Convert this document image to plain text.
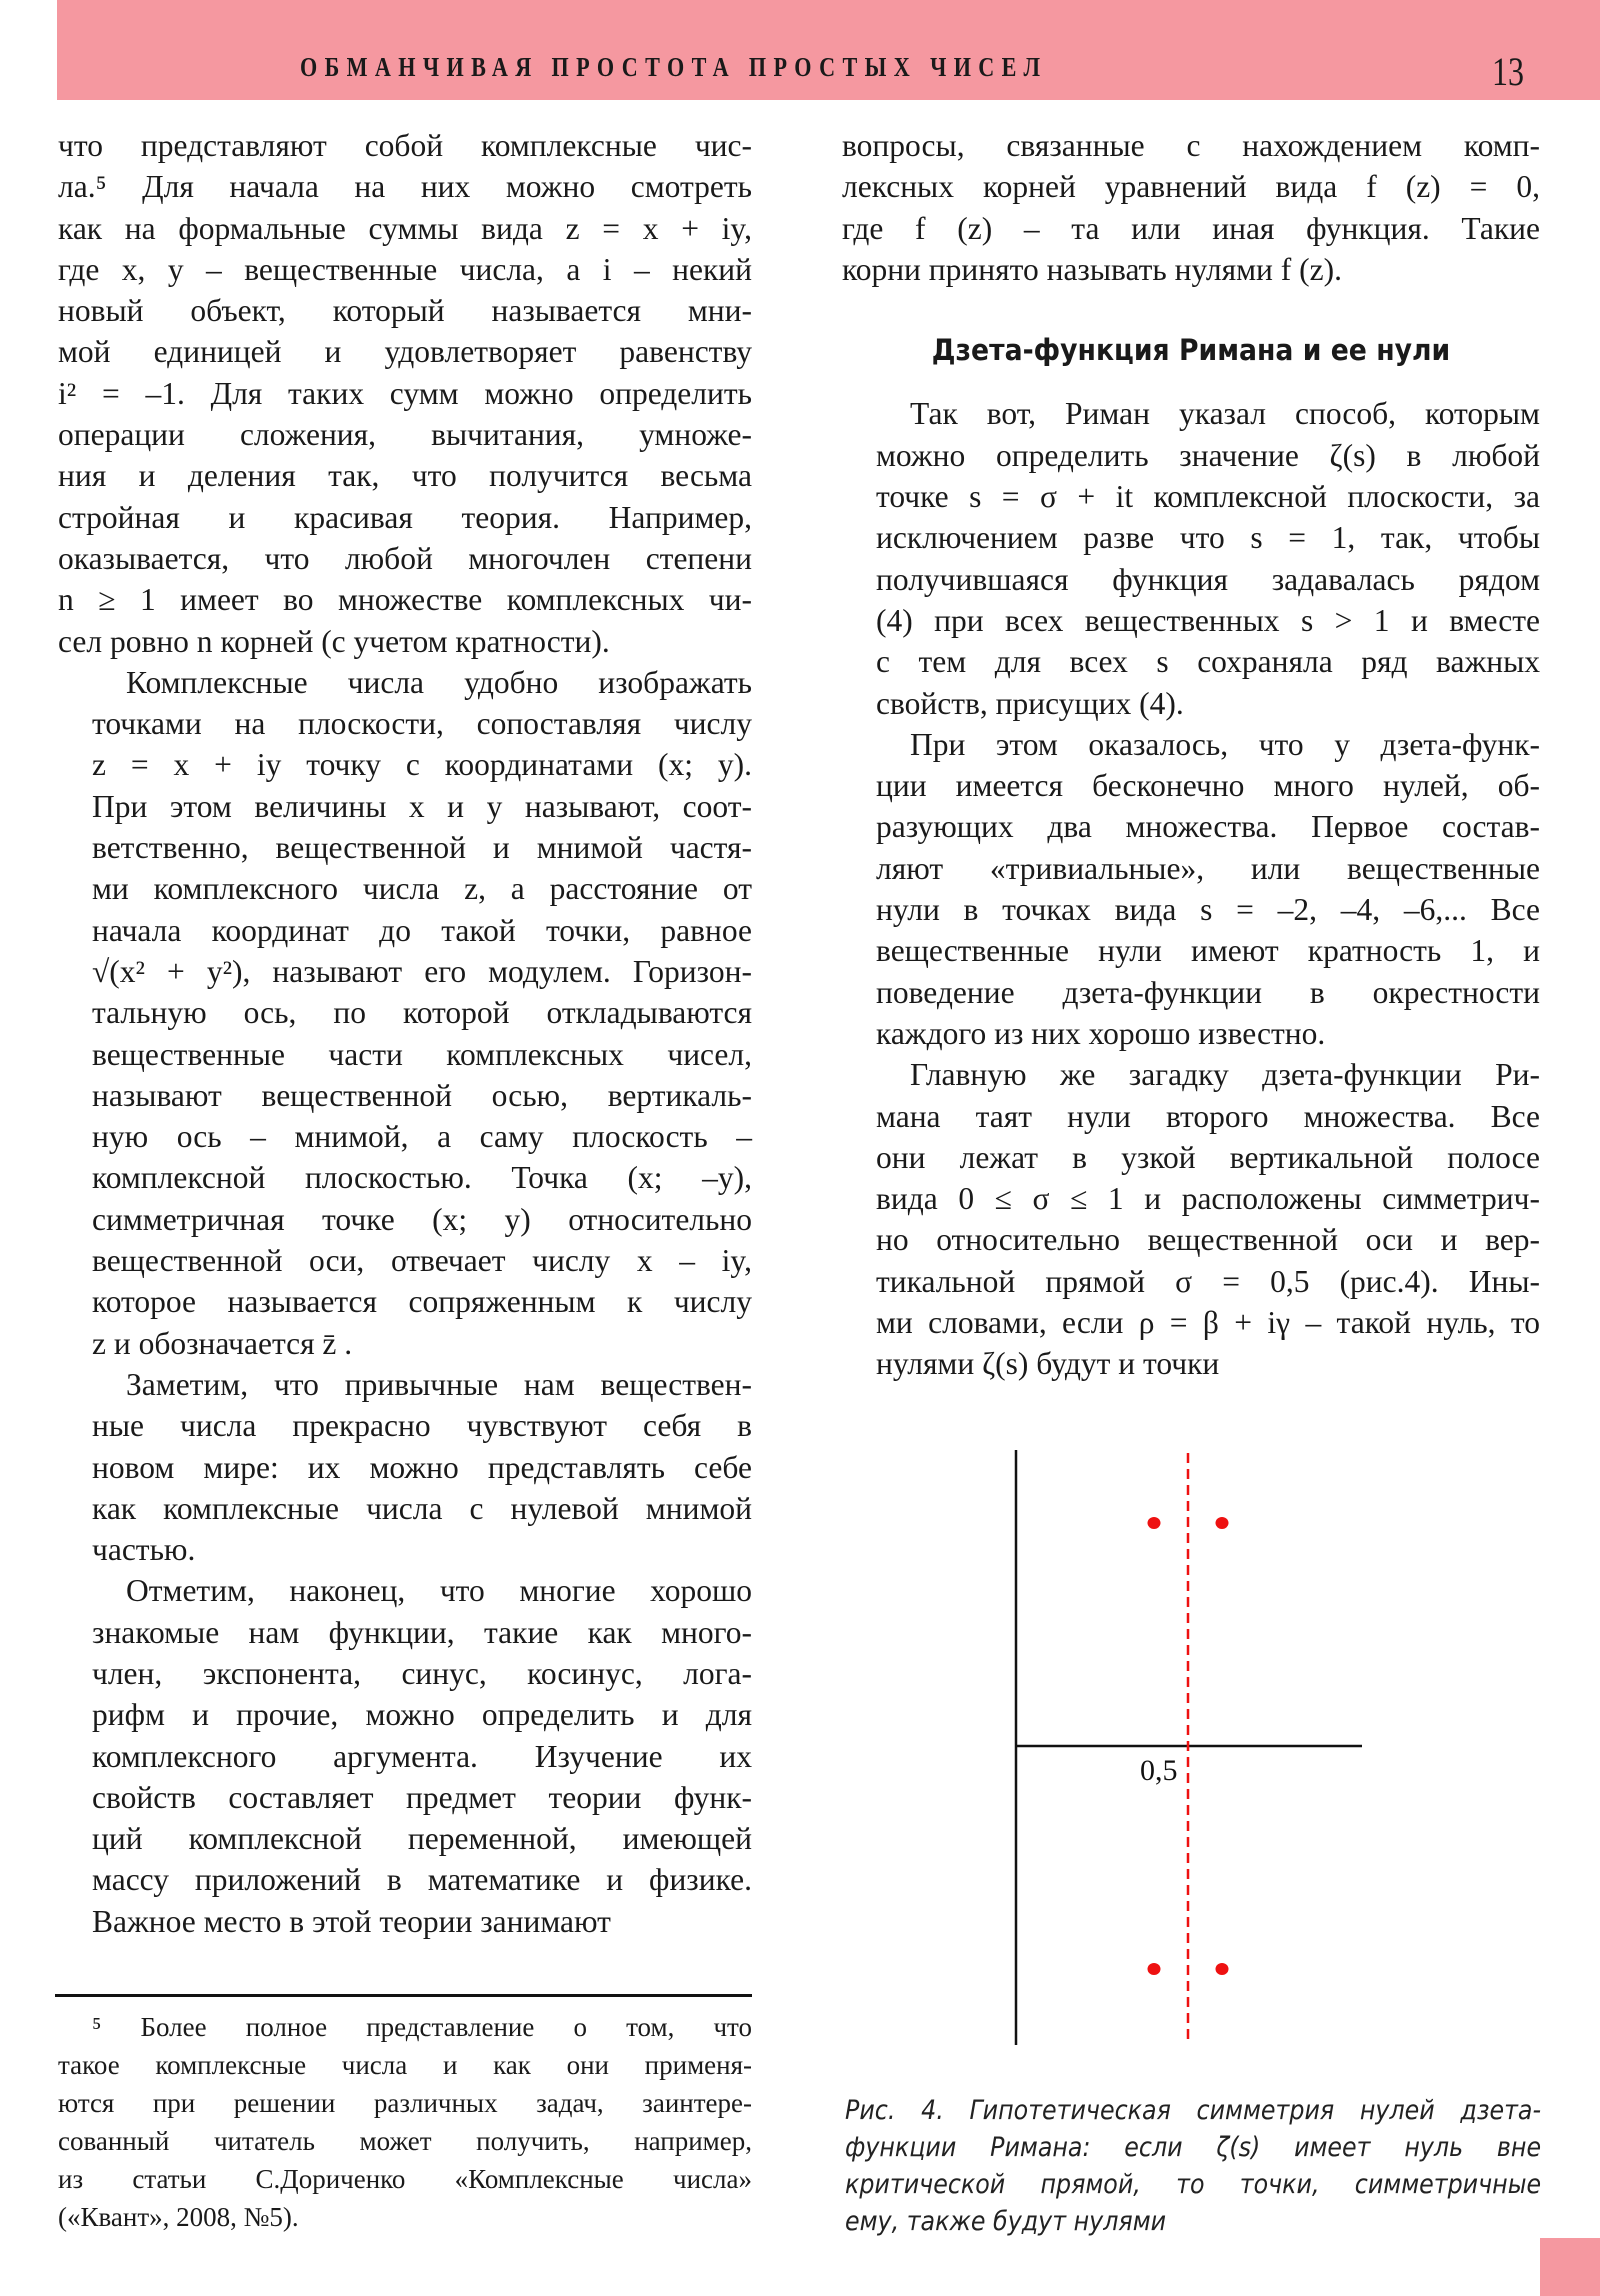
ОБМАНЧИВАЯ ПРОСТОТА ПРОСТЫХ ЧИСЕЛ	13

что представляют собой комплексные чис-
ла.⁵ Для начала на них можно смотреть
как на формальные суммы вида z = x + iy,
где x, y – вещественные числа, а i – некий
новый объект, который называется мни-
мой единицей и удовлетворяет равенству
i² = –1. Для таких сумм можно определить
операции сложения, вычитания, умноже-
ния и деления так, что получится весьма
стройная и красивая теория. Например,
оказывается, что любой многочлен степени
n ≥ 1 имеет во множестве комплексных чи-
сел ровно n корней (с учетом кратности).

Комплексные числа удобно изображать
точками на плоскости, сопоставляя числу
z = x + iy точку с координатами (x; y).
При этом величины x и y называют, соот-
ветственно, вещественной и мнимой частя-
ми комплексного числа z, а расстояние от
начала координат до такой точки, равное
√(x² + y²), называют его модулем. Горизон-
тальную ось, по которой откладываются
вещественные части комплексных чисел,
называют вещественной осью, вертикаль-
ную ось – мнимой, а саму плоскость –
комплексной плоскостью. Точка (x; –y),
симметричная точке (x; y) относительно
вещественной оси, отвечает числу x – iy,
которое называется сопряженным к числу
z и обозначается z̄ .

Заметим, что привычные нам веществен-
ные числа прекрасно чувствуют себя в
новом мире: их можно представлять себе
как комплексные числа с нулевой мнимой
частью.

Отметим, наконец, что многие хорошо
знакомые нам функции, такие как много-
член, экспонента, синус, косинус, лога-
рифм и прочие, можно определить и для
комплексного аргумента. Изучение их
свойств составляет предмет теории функ-
ций комплексной переменной, имеющей
массу приложений в математике и физике.
Важное место в этой теории занимают

⁵ Более полное представление о том, что
такое комплексные числа и как они применя-
ются при решении различных задач, заинтере-
сованный читатель может получить, например,
из статьи С.Дориченко «Комплексные числа»
(«Квант», 2008, №5).

вопросы, связанные с нахождением комп-
лексных корней уравнений вида f (z) = 0,
где f (z) – та или иная функция. Такие
корни принято называть нулями f (z).

Дзета-функция Римана и ее нули

Так вот, Риман указал способ, которым
можно определить значение ζ(s) в любой
точке s = σ + it комплексной плоскости, за
исключением разве что s = 1, так, чтобы
получившаяся функция задавалась рядом
(4) при всех вещественных s > 1 и вместе
с тем для всех s сохраняла ряд важных
свойств, присущих (4).

При этом оказалось, что у дзета-функ-
ции имеется бесконечно много нулей, об-
разующих два множества. Первое состав-
ляют «тривиальные», или вещественные
нули в точках вида s = –2, –4, –6,... Все
вещественные нули имеют кратность 1, и
поведение дзета-функции в окрестности
каждого из них хорошо известно.

Главную же загадку дзета-функции Ри-
мана таят нули второго множества. Все
они лежат в узкой вертикальной полосе
вида 0 ≤ σ ≤ 1 и расположены симметрич-
но относительно вещественной оси и вер-
тикальной прямой σ = 0,5 (рис.4). Ины-
ми словами, если ρ = β + iγ – такой нуль, то
нулями ζ(s) будут и точки

0,5
Рис. 4. Гипотетическая симметрия нулей дзета-
функции Римана: если ζ(s) имеет нуль вне
критической прямой, то точки, симметричные
ему, также будут нулями
